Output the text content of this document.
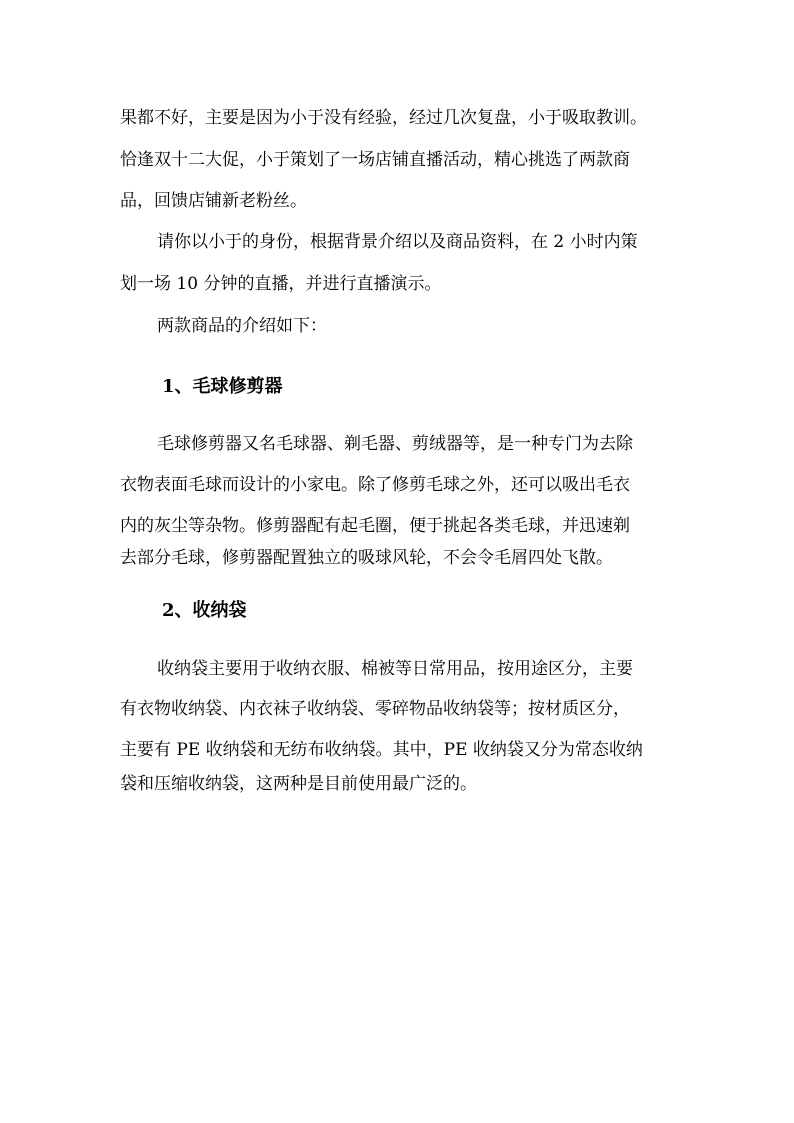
果都不好，主要是因为小于没有经验，经过几次复盘，小于吸取教训。
恰逢双十二大促，小于策划了一场店铺直播活动，精心挑选了两款商
品，回馈店铺新老粉丝。
请你以小于的身份，根据背景介绍以及商品资料，在 2 小时内策
划一场 10 分钟的直播，并进行直播演示。
两款商品的介绍如下：
1、毛球修剪器
毛球修剪器又名毛球器、剃毛器、剪绒器等，是一种专门为去除
衣物表面毛球而设计的小家电。除了修剪毛球之外，还可以吸出毛衣
内的灰尘等杂物。修剪器配有起毛圈，便于挑起各类毛球，并迅速剃
去部分毛球，修剪器配置独立的吸球风轮，不会令毛屑四处飞散。
2、收纳袋
收纳袋主要用于收纳衣服、棉被等日常用品，按用途区分，主要
有衣物收纳袋、内衣袜子收纳袋、零碎物品收纳袋等；按材质区分，
主要有 PE 收纳袋和无纺布收纳袋。其中，PE 收纳袋又分为常态收纳
袋和压缩收纳袋，这两种是目前使用最广泛的。
